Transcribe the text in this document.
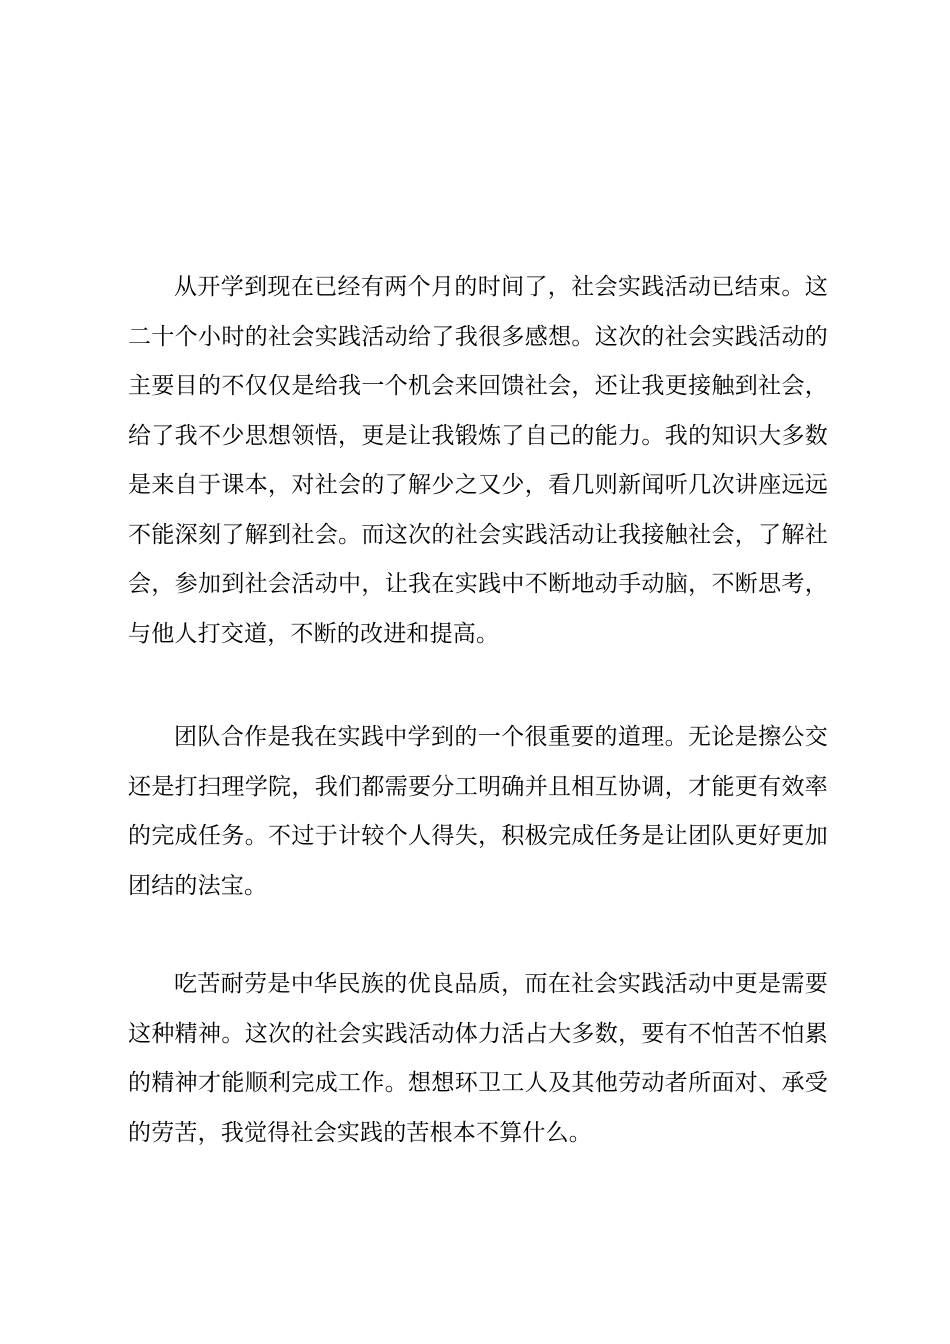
从开学到现在已经有两个月的时间了，社会实践活动已结束。这二十个小时的社会实践活动给了我很多感想。这次的社会实践活动的主要目的不仅仅是给我一个机会来回馈社会，还让我更接触到社会，给了我不少思想领悟，更是让我锻炼了自己的能力。我的知识大多数是来自于课本，对社会的了解少之又少，看几则新闻听几次讲座远远不能深刻了解到社会。而这次的社会实践活动让我接触社会，了解社会，参加到社会活动中，让我在实践中不断地动手动脑，不断思考，与他人打交道，不断的改进和提高。

团队合作是我在实践中学到的一个很重要的道理。无论是擦公交还是打扫理学院，我们都需要分工明确并且相互协调，才能更有效率的完成任务。不过于计较个人得失，积极完成任务是让团队更好更加团结的法宝。

吃苦耐劳是中华民族的优良品质，而在社会实践活动中更是需要这种精神。这次的社会实践活动体力活占大多数，要有不怕苦不怕累的精神才能顺利完成工作。想想环卫工人及其他劳动者所面对、承受的劳苦，我觉得社会实践的苦根本不算什么。
